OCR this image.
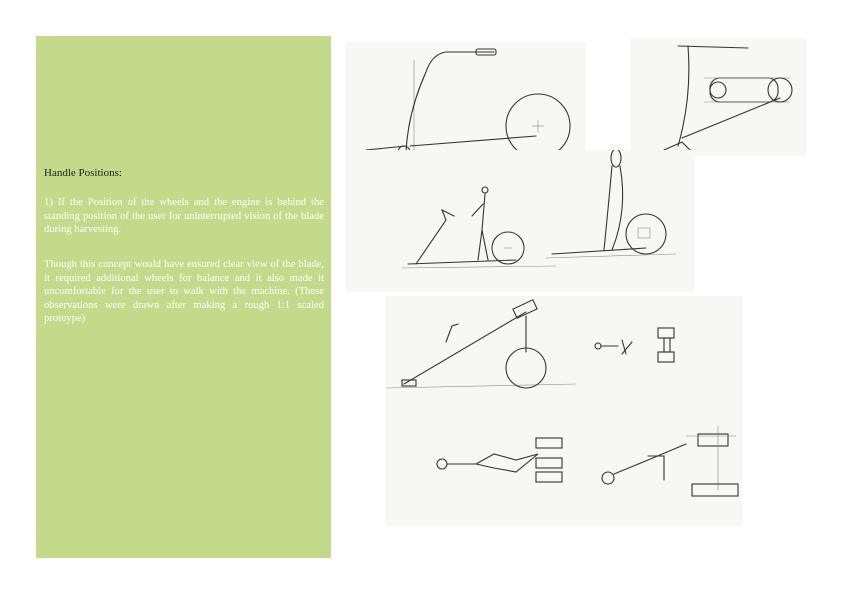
Handle Positions:

1) If the Position of the wheels and the engine is behind the standing position of the user for uninterrupted vision of the blade during harvesting.

Though this concept would have ensured clear view of the blade, it required additional wheels for balance and it also made it uncomfortable for the user to walk with the machine. (These observations were drawn after making a rough 1:1 scaled protoype)
